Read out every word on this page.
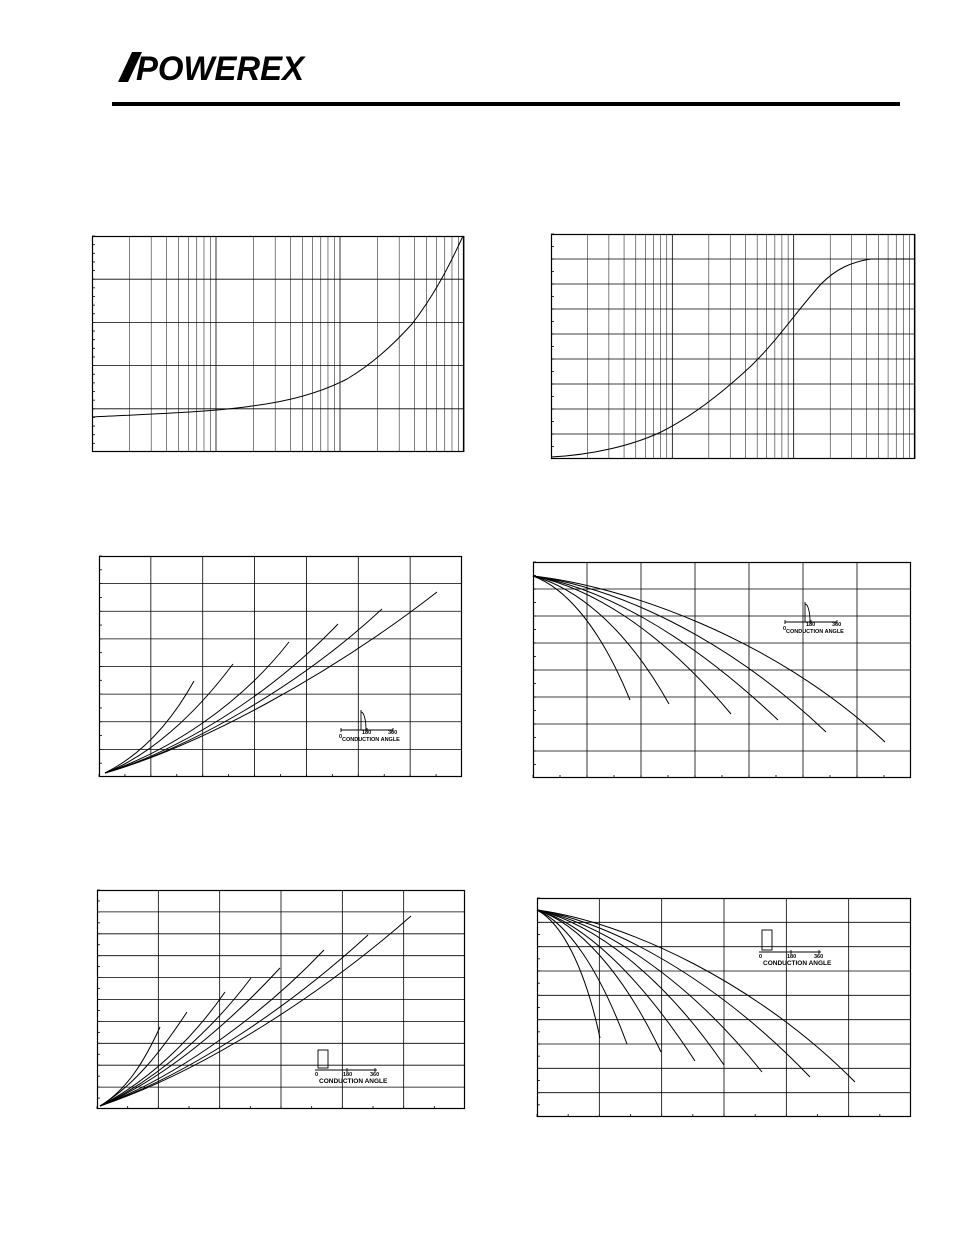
POWEREX
0
180	360
CONDUCTION ANGLE
0
180	360
CONDUCTION ANGLE
0	180	360
CONDUCTION ANGLE
0	180	360
CONDUCTION ANGLE
